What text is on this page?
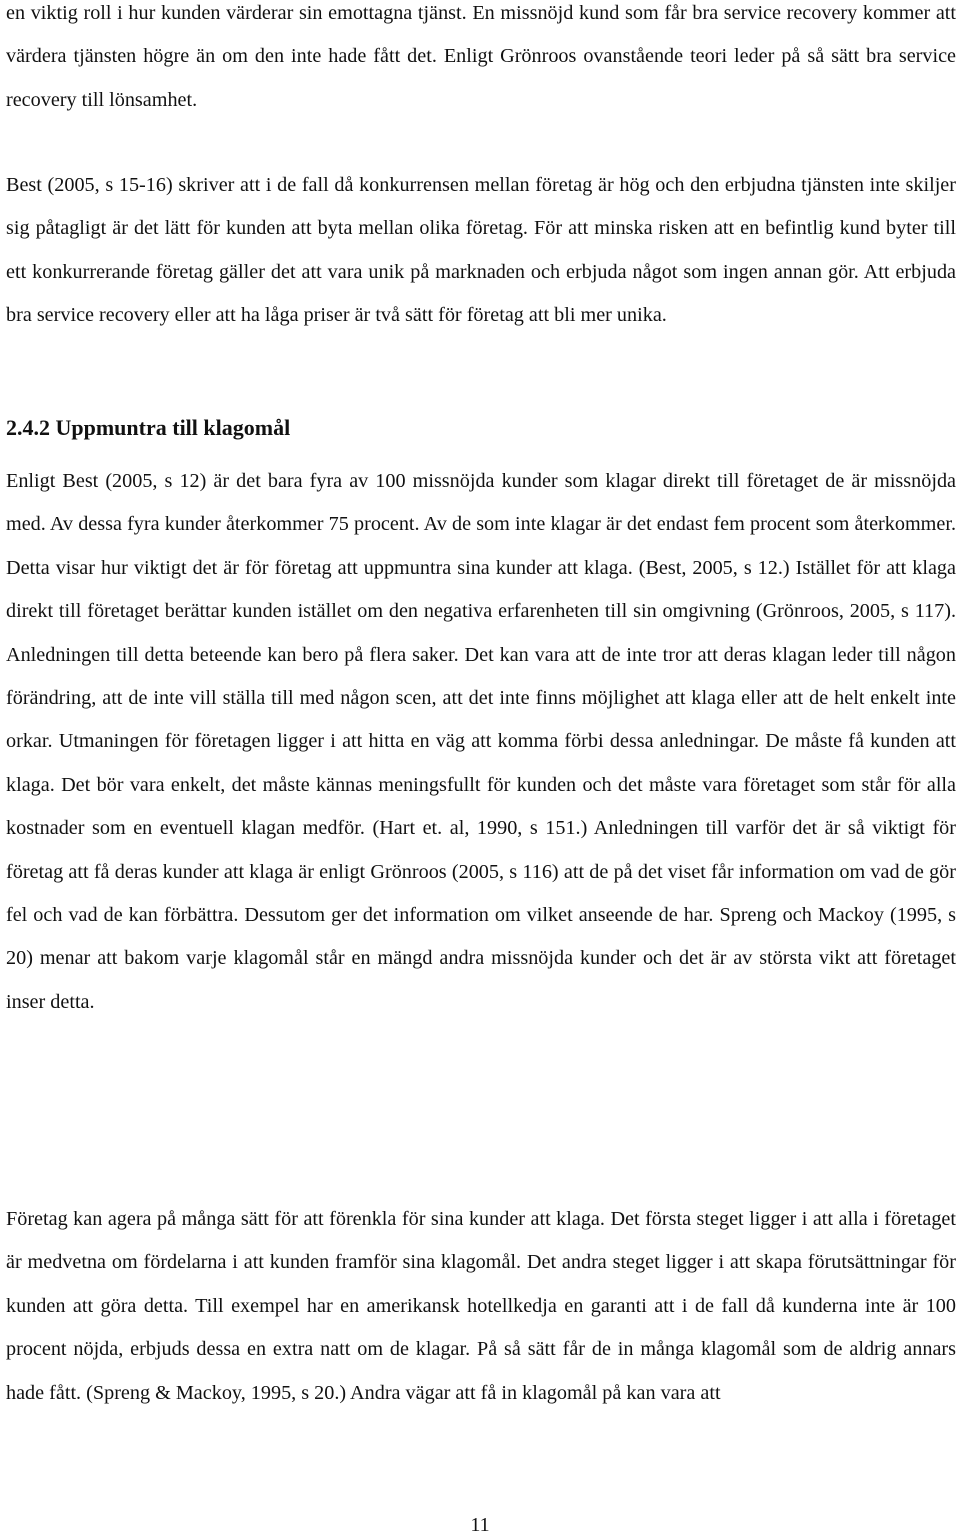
en viktig roll i hur kunden värderar sin emottagna tjänst. En missnöjd kund som får bra service recovery kommer att värdera tjänsten högre än om den inte hade fått det. Enligt Grönroos ovanstående teori leder på så sätt bra service recovery till lönsamhet.

Best (2005, s 15-16) skriver att i de fall då konkurrensen mellan företag är hög och den erbjudna tjänsten inte skiljer sig påtagligt är det lätt för kunden att byta mellan olika företag. För att minska risken att en befintlig kund byter till ett konkurrerande företag gäller det att vara unik på marknaden och erbjuda något som ingen annan gör. Att erbjuda bra service recovery eller att ha låga priser är två sätt för företag att bli mer unika.

2.4.2 Uppmuntra till klagomål

Enligt Best (2005, s 12) är det bara fyra av 100 missnöjda kunder som klagar direkt till företaget de är missnöjda med. Av dessa fyra kunder återkommer 75 procent. Av de som inte klagar är det endast fem procent som återkommer. Detta visar hur viktigt det är för företag att uppmuntra sina kunder att klaga. (Best, 2005, s 12.) Istället för att klaga direkt till företaget berättar kunden istället om den negativa erfarenheten till sin omgivning (Grönroos, 2005, s 117). Anledningen till detta beteende kan bero på flera saker. Det kan vara att de inte tror att deras klagan leder till någon förändring, att de inte vill ställa till med någon scen, att det inte finns möjlighet att klaga eller att de helt enkelt inte orkar. Utmaningen för företagen ligger i att hitta en väg att komma förbi dessa anledningar. De måste få kunden att klaga. Det bör vara enkelt, det måste kännas meningsfullt för kunden och det måste vara företaget som står för alla kostnader som en eventuell klagan medför. (Hart et. al, 1990, s 151.) Anledningen till varför det är så viktigt för företag att få deras kunder att klaga är enligt Grönroos (2005, s 116) att de på det viset får information om vad de gör fel och vad de kan förbättra. Dessutom ger det information om vilket anseende de har. Spreng och Mackoy (1995, s 20) menar att bakom varje klagomål står en mängd andra missnöjda kunder och det är av största vikt att företaget inser detta.

Företag kan agera på många sätt för att förenkla för sina kunder att klaga. Det första steget ligger i att alla i företaget är medvetna om fördelarna i att kunden framför sina klagomål. Det andra steget ligger i att skapa förutsättningar för kunden att göra detta. Till exempel har en amerikansk hotellkedja en garanti att i de fall då kunderna inte är 100 procent nöjda, erbjuds dessa en extra natt om de klagar. På så sätt får de in många klagomål som de aldrig annars hade fått. (Spreng & Mackoy, 1995, s 20.) Andra vägar att få in klagomål på kan vara att

11
